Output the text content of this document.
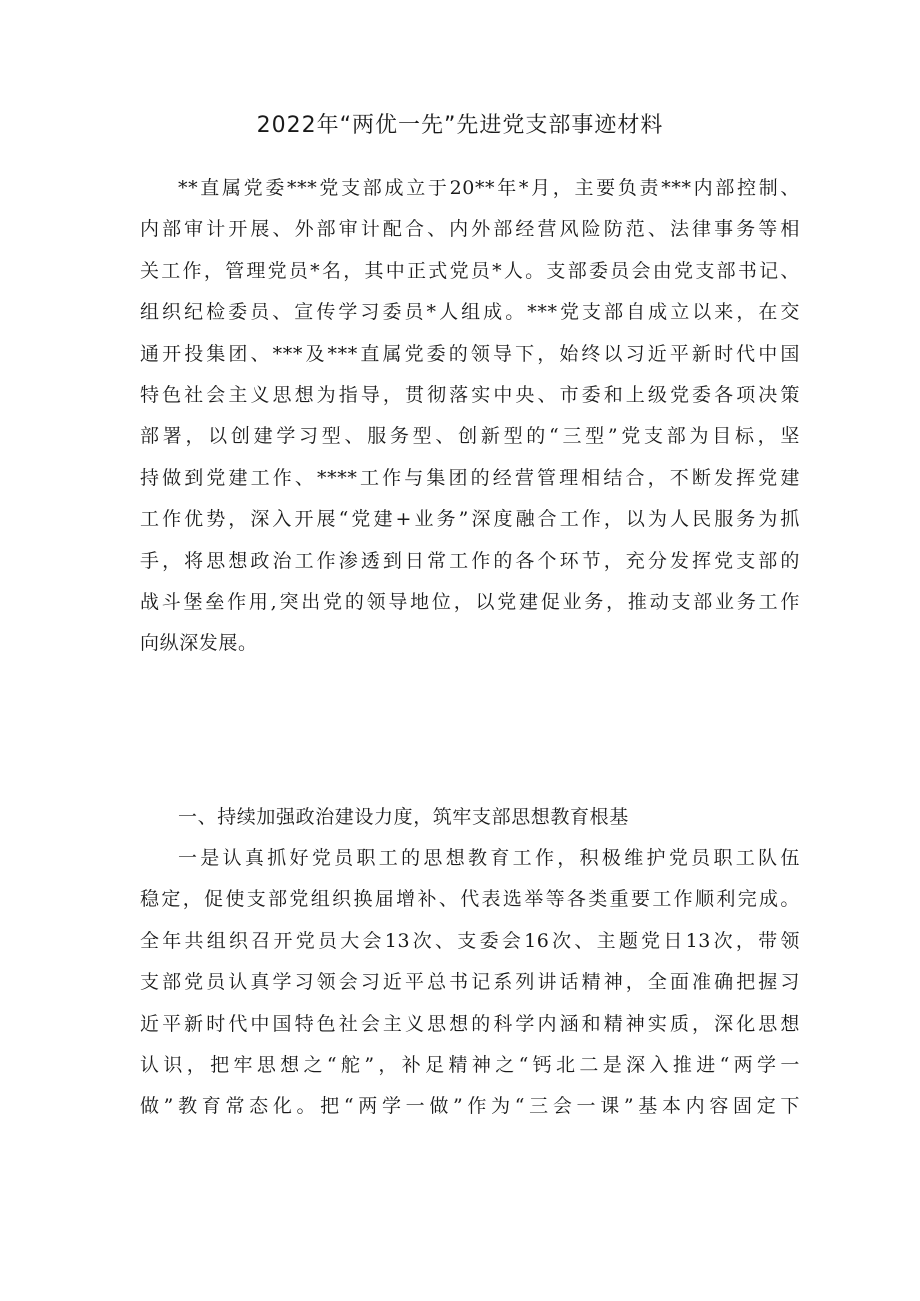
2022年“两优一先”先进党支部事迹材料

**直属党委***党支部成立于20**年*月，主要负责***内部控制、
内部审计开展、外部审计配合、内外部经营风险防范、法律事务等相
关工作，管理党员*名，其中正式党员*人。支部委员会由党支部书记、
组织纪检委员、宣传学习委员*人组成。***党支部自成立以来，在交
通开投集团、***及***直属党委的领导下，始终以习近平新时代中国
特色社会主义思想为指导，贯彻落实中央、市委和上级党委各项决策
部署，以创建学习型、服务型、创新型的“三型”党支部为目标，坚
持做到党建工作、****工作与集团的经营管理相结合，不断发挥党建
工作优势，深入开展“党建+业务”深度融合工作，以为人民服务为抓
手，将思想政治工作渗透到日常工作的各个环节，充分发挥党支部的
战斗堡垒作用,突出党的领导地位，以党建促业务，推动支部业务工作
向纵深发展。

一、持续加强政治建设力度，筑牢支部思想教育根基

一是认真抓好党员职工的思想教育工作，积极维护党员职工队伍
稳定，促使支部党组织换届增补、代表选举等各类重要工作顺利完成。
全年共组织召开党员大会13次、支委会16次、主题党日13次，带领
支部党员认真学习领会习近平总书记系列讲话精神，全面准确把握习
近平新时代中国特色社会主义思想的科学内涵和精神实质，深化思想
认识，把牢思想之“舵”，补足精神之“钙北二是深入推进“两学一
做”教育常态化。把“两学一做”作为“三会一课”基本内容固定下
